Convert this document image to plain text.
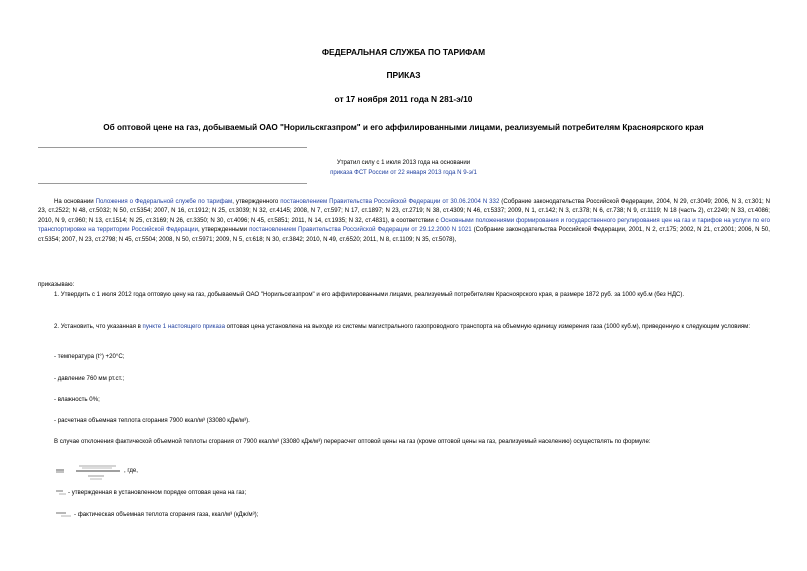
ФЕДЕРАЛЬНАЯ СЛУЖБА ПО ТАРИФАМ
ПРИКАЗ
от 17 ноября 2011 года N 281-э/10
Об оптовой цене на газ, добываемый ОАО "Норильскгазпром" и его аффилированными лицами, реализуемый потребителям Красноярского края
Утратил силу с 1 июля 2013 года на основании
приказа ФСТ России от 22 января 2013 года N 9-э/1
На основании Положения о Федеральной службе по тарифам, утвержденного постановлением Правительства Российской Федерации от 30.06.2004 N 332 (Собрание законодательства Российской Федерации, 2004, N 29, ст.3049; 2006, N 3, ст.301; N 23, ст.2522; N 48, ст.5032; N 50, ст.5354; 2007, N 16, ст.1912; N 25, ст.3039; N 32, ст.4145; 2008, N 7, ст.597; N 17, ст.1897; N 23, ст.2719; N 38, ст.4309; N 46, ст.5337; 2009, N 1, ст.142; N 3, ст.378; N 6, ст.738; N 9, ст.1119; N 18 (часть 2), ст.2249; N 33, ст.4086; 2010, N 9, ст.960; N 13, ст.1514; N 25, ст.3169; N 26, ст.3350; N 30, ст.4096; N 45, ст.5851; 2011, N 14, ст.1935; N 32, ст.4831), в соответствии с Основными положениями формирования и государственного регулирования цен на газ и тарифов на услуги по его транспортировке на территории Российской Федерации, утвержденными постановлением Правительства Российской Федерации от 29.12.2000 N 1021 (Собрание законодательства Российской Федерации, 2001, N 2, ст.175; 2002, N 21, ст.2001; 2006, N 50, ст.5354; 2007, N 23, ст.2798; N 45, ст.5504; 2008, N 50, ст.5971; 2009, N 5, ст.618; N 30, ст.3842; 2010, N 49, ст.6520; 2011, N 8, ст.1109; N 35, ст.5078),
приказываю:
1. Утвердить с 1 июля 2012 года оптовую цену на газ, добываемый ОАО "Норильскгазпром" и его аффилированными лицами, реализуемый потребителям Красноярского края, в размере 1872 руб. за 1000 куб.м (без НДС).
2. Установить, что указанная в пункте 1 настоящего приказа оптовая цена установлена на выходе из системы магистрального газопроводного транспорта на объемную единицу измерения газа (1000 куб.м), приведенную к следующим условиям:
- температура (t°) +20°С;
- давление 760 мм рт.ст.;
- влажность 0%;
- расчетная объемная теплота сгорания 7900 ккал/м³ (33080 кДж/м³).
В случае отклонения фактической объемной теплоты сгорания от 7900 ккал/м³ (33080 кДж/м³) перерасчет оптовой цены на газ (кроме оптовой цены на газ, реализуемый населению) осуществлять по формуле:
, где,
- утвержденная в установленном порядке оптовая цена на газ;
- фактическая объемная теплота сгорания газа, ккал/м³ (кДж/м³);
